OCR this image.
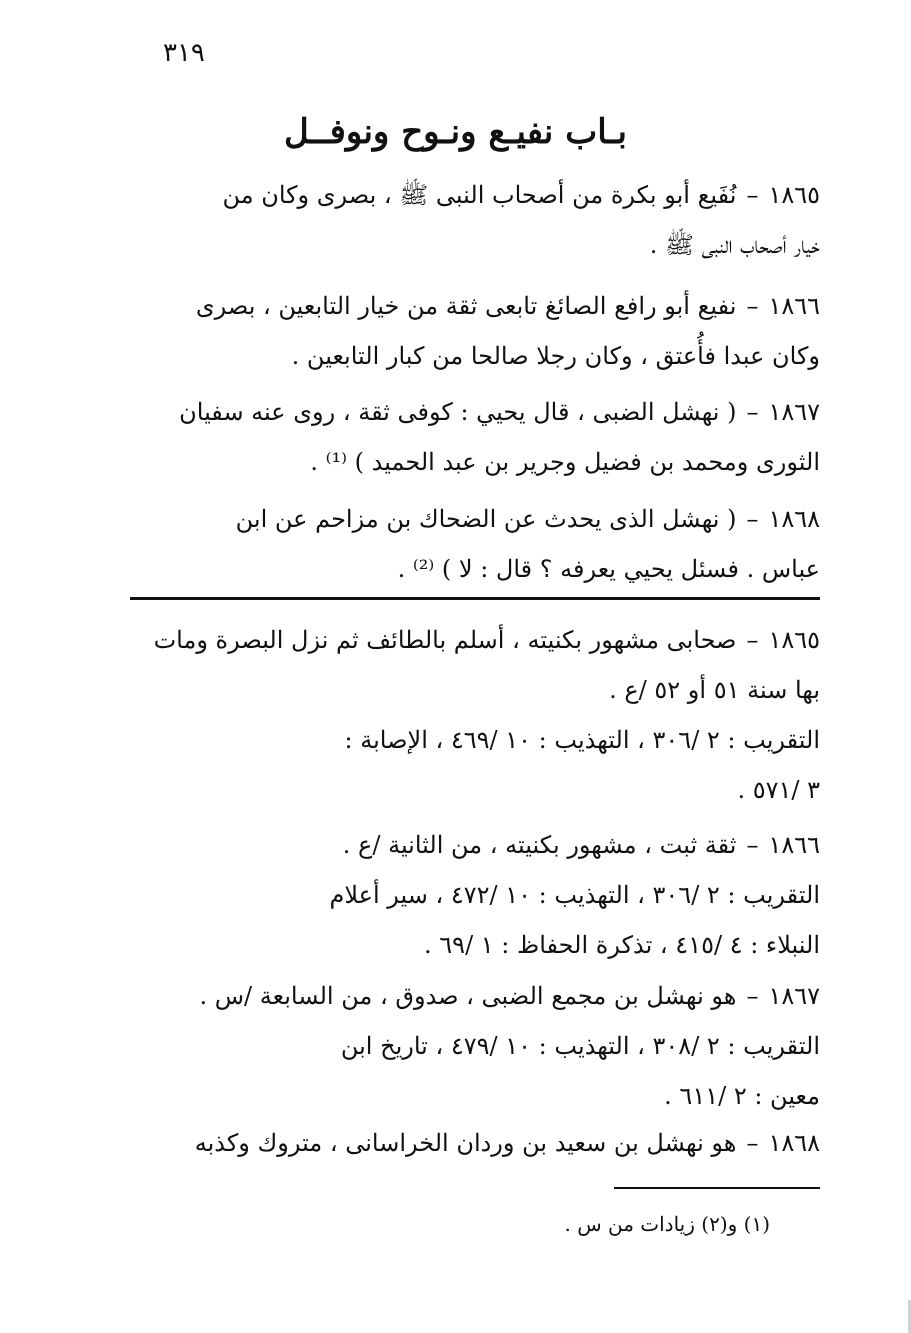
٣١٩
بـاب نفيـع ونـوح ونوفــل
١٨٦٥–نُفَيع أبو بكرة من أصحاب النبى ﷺ ، بصرى وكان من
خيار أصحاب النبى ﷺ .
١٨٦٦–نفيع أبو رافع الصائغ تابعى ثقة من خيار التابعين ، بصرى
وكان عبدا فأُعتق ، وكان رجلا صالحا من كبار التابعين .
١٨٦٧–( نهشل الضبى ، قال يحيي : كوفى ثقة ، روى عنه سفيان
الثورى ومحمد بن فضيل وجرير بن عبد الحميد ) ⁽¹⁾ .
١٨٦٨–( نهشل الذى يحدث عن الضحاك بن مزاحم عن ابن
عباس . فسئل يحيي يعرفه ؟ قال : لا ) ⁽²⁾ .
١٨٦٥–صحابى مشهور بكنيته ، أسلم بالطائف ثم نزل البصرة ومات
بها سنة ٥١ أو ٥٢ /ع .
التقريب : ٢ /٣٠٦ ، التهذيب : ١٠ /٤٦٩ ، الإصابة :
٣ /٥٧١ .
١٨٦٦–ثقة ثبت ، مشهور بكنيته ، من الثانية /ع .
التقريب : ٢ /٣٠٦ ، التهذيب : ١٠ /٤٧٢ ، سير أعلام
النبلاء : ٤ /٤١٥ ، تذكرة الحفاظ : ١ /٦٩ .
١٨٦٧–هو نهشل بن مجمع الضبى ، صدوق ، من السابعة /س .
التقريب : ٢ /٣٠٨ ، التهذيب : ١٠ /٤٧٩ ، تاريخ ابن
معين : ٢ /٦١١ .
١٨٦٨–هو نهشل بن سعيد بن وردان الخراسانى ، متروك وكذبه
(١) و(٢) زيادات من س .
